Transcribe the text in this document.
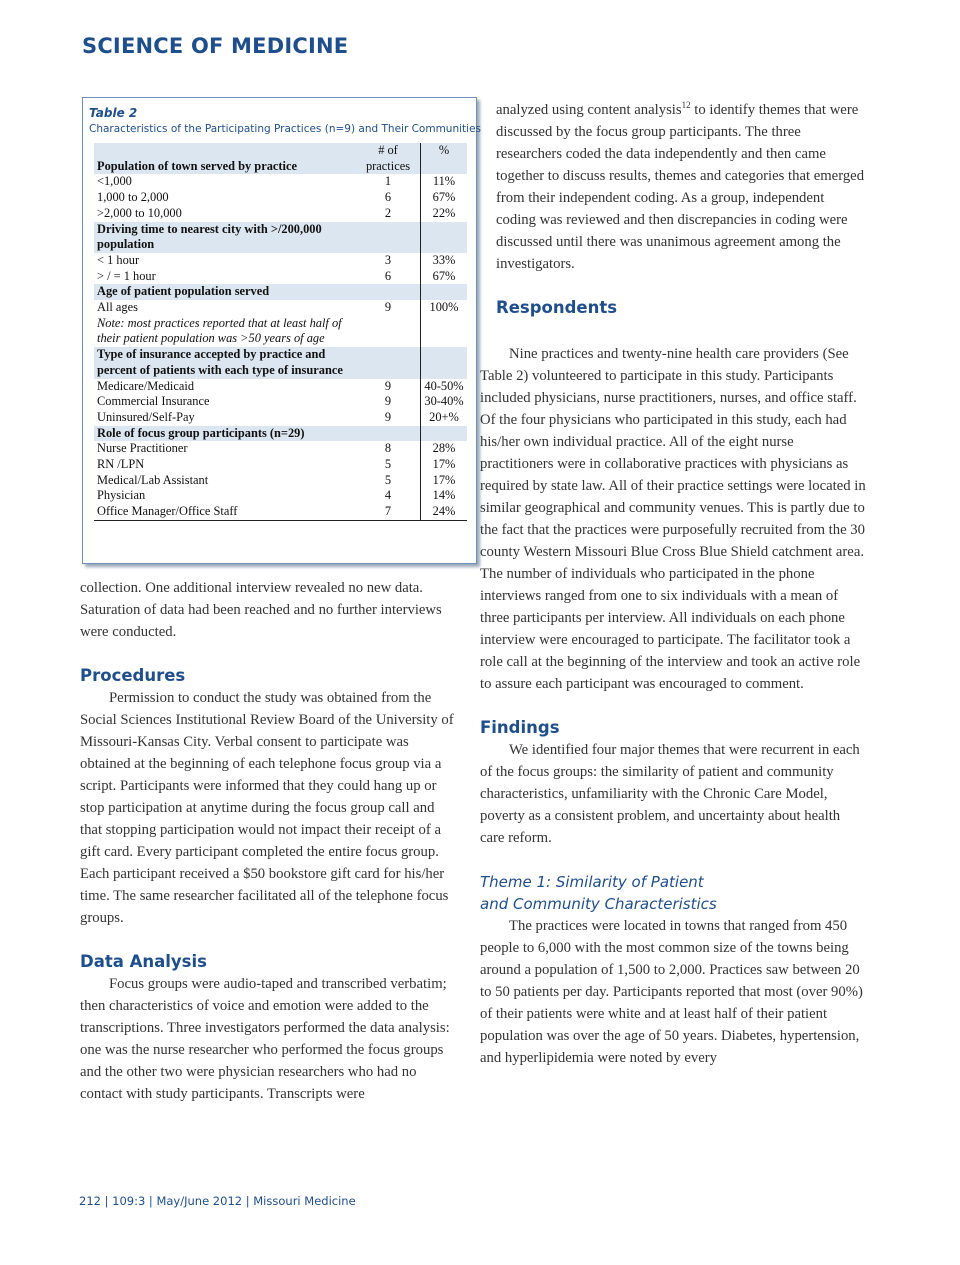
SCIENCE OF MEDICINE
Table 2
Characteristics of the Participating Practices (n=9) and Their Communities
Population of town served by practice	# of practices	%
<1,000	1	11%
1,000 to 2,000	6	67%
>2,000 to 10,000	2	22%
Driving time to nearest city with >/200,000 population		
< 1 hour	3	33%
> / = 1 hour	6	67%
Age of patient population served		
All ages	9	100%
Note: most practices reported that at least half of their patient population was >50 years of age		
Type of insurance accepted by practice and percent of patients with each type of insurance		
Medicare/Medicaid	9	40-50%
Commercial Insurance	9	30-40%
Uninsured/Self-Pay	9	20+%
Role of focus group participants (n=29)		
Nurse Practitioner	8	28%
RN /LPN	5	17%
Medical/Lab Assistant	5	17%
Physician	4	14%
Office Manager/Office Staff	7	24%

collection. One additional interview revealed no new data. Saturation of data had been reached and no further interviews were conducted.

Procedures

Permission to conduct the study was obtained from the Social Sciences Institutional Review Board of the University of Missouri-Kansas City. Verbal consent to participate was obtained at the beginning of each telephone focus group via a script. Participants were informed that they could hang up or stop participation at anytime during the focus group call and that stopping participation would not impact their receipt of a gift card. Every participant completed the entire focus group. Each participant received a $50 bookstore gift card for his/her time. The same researcher facilitated all of the telephone focus groups.

Data Analysis

Focus groups were audio-taped and transcribed verbatim; then characteristics of voice and emotion were added to the transcriptions. Three investigators performed the data analysis: one was the nurse researcher who performed the focus groups and the other two were physician researchers who had no contact with study participants. Transcripts were

analyzed using content analysis$^{12}$ to identify themes that were discussed by the focus group participants. The three researchers coded the data independently and then came together to discuss results, themes and categories that emerged from their independent coding. As a group, independent coding was reviewed and then discrepancies in coding were discussed until there was unanimous agreement among the investigators.

Respondents

Nine practices and twenty-nine health care providers (See Table 2) volunteered to participate in this study. Participants included physicians, nurse practitioners, nurses, and office staff. Of the four physicians who participated in this study, each had his/her own individual practice. All of the eight nurse practitioners were in collaborative practices with physicians as required by state law. All of their practice settings were located in similar geographical and community venues. This is partly due to the fact that the practices were purposefully recruited from the 30 county Western Missouri Blue Cross Blue Shield catchment area. The number of individuals who participated in the phone interviews ranged from one to six individuals with a mean of three participants per interview. All individuals on each phone interview were encouraged to participate. The facilitator took a role call at the beginning of the interview and took an active role to assure each participant was encouraged to comment.

Findings

We identified four major themes that were recurrent in each of the focus groups: the similarity of patient and community characteristics, unfamiliarity with the Chronic Care Model, poverty as a consistent problem, and uncertainty about health care reform.

Theme 1: Similarity of Patient
and Community Characteristics

The practices were located in towns that ranged from 450 people to 6,000 with the most common size of the towns being around a population of 1,500 to 2,000. Practices saw between 20 to 50 patients per day. Participants reported that most (over 90%) of their patients were white and at least half of their patient population was over the age of 50 years. Diabetes, hypertension, and hyperlipidemia were noted by every

212 | 109:3 | May/June 2012 | Missouri Medicine
